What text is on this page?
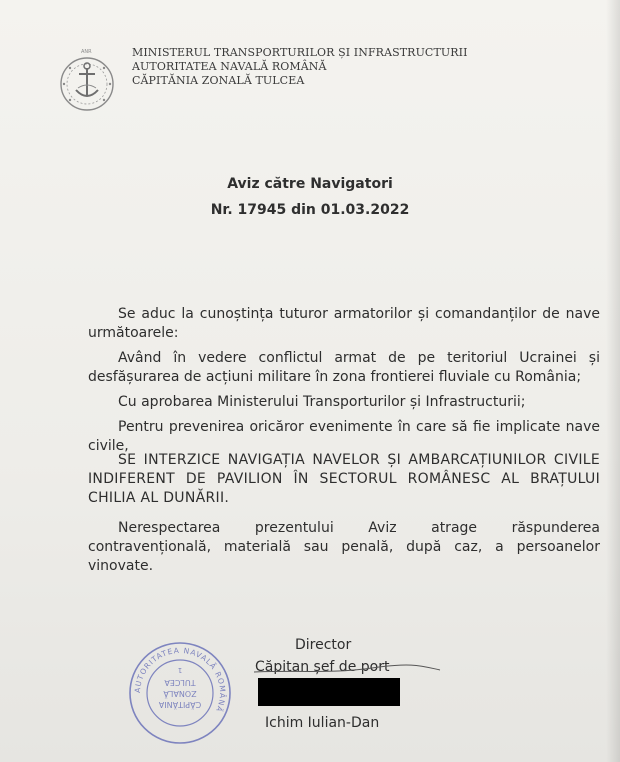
ANR	MINISTERUL TRANSPORTURILOR ȘI INFRASTRUCTURII
AUTORITATEA NAVALĂ ROMÂNĂ
CĂPITĂNIA ZONALĂ TULCEA
Aviz către Navigatori
Nr. 17945 din 01.03.2022

Se aduc la cunoștința tuturor armatorilor și comandanților de nave următoarele:

Având în vedere conflictul armat de pe teritoriul Ucrainei și desfășurarea de acțiuni militare în zona frontierei fluviale cu România;

Cu aprobarea Ministerului Transporturilor și Infrastructurii;

Pentru prevenirea oricăror evenimente în care să fie implicate nave civile,

SE INTERZICE NAVIGAȚIA NAVELOR ȘI AMBARCAȚIUNILOR CIVILE INDIFERENT DE PAVILION ÎN SECTORUL ROMÂNESC AL BRAȚULUI CHILIA AL DUNĂRII.

Nerespectarea prezentului Aviz atrage răspunderea contravențională, materială sau penală, după caz, a persoanelor vinovate.

Director
Căpitan șef de port
Ichim Iulian-Dan
AUTORITATEA NAVALĂ ROMÂNĂ
CĂPITĂNIA
ZONALĂ
TULCEA
1
